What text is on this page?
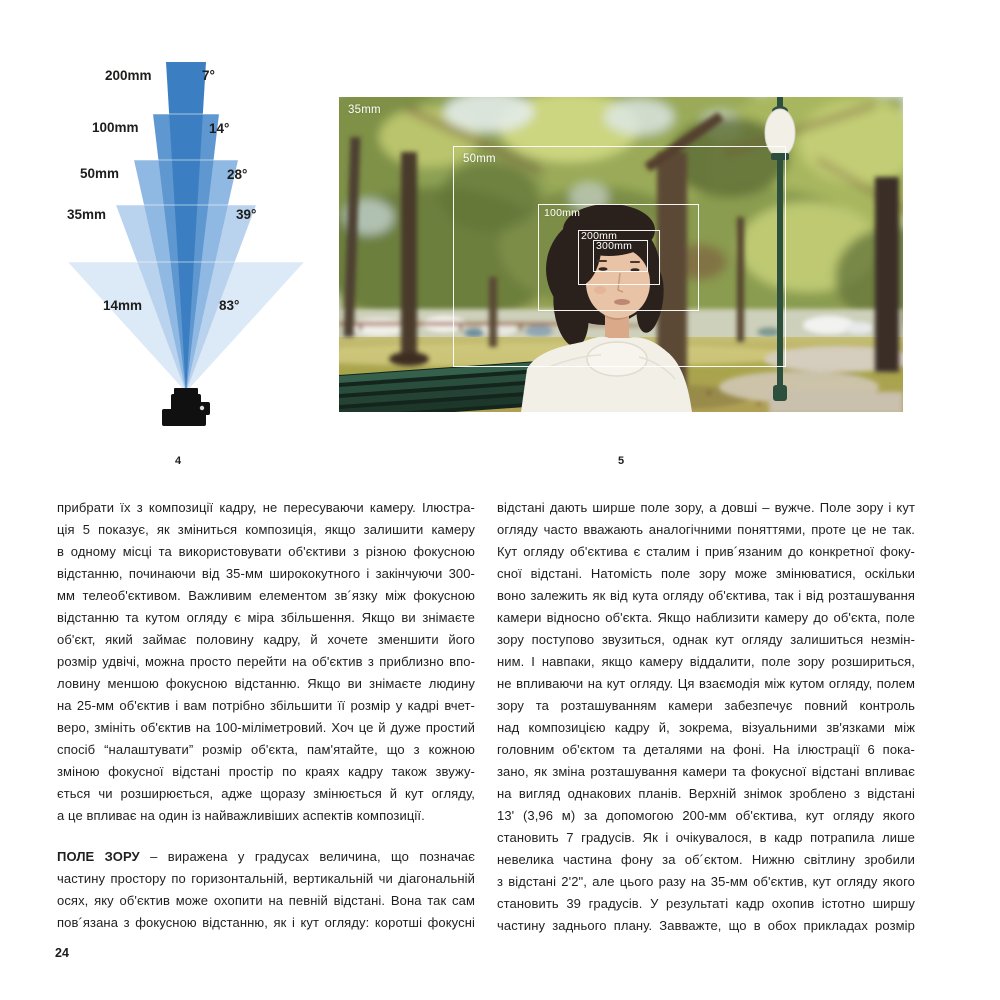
200mm	7°
100mm	14°
50mm	28°
35mm	39°
14mm	83°
4	5
35mm
50mm
100mm
200mm
300mm
прибрати їх з композиції кадру, не пересуваючи камеру. Ілюстра-
ція 5 показує, як зміниться композиція, якщо залишити камеру
в одному місці та використовувати об'єктиви з різною фокусною
відстанню, починаючи від 35-мм ширококутного і закінчуючи 300-
мм телеоб'єктивом. Важливим елементом зв´язку між фокусною
відстанню та кутом огляду є міра збільшення. Якщо ви знімаєте
об'єкт, який займає половину кадру, й хочете зменшити його
розмір удвічі, можна просто перейти на об'єктив з приблизно впо-
ловину меншою фокусною відстанню. Якщо ви знімаєте людину
на 25-мм об'єктив і вам потрібно збільшити її розмір у кадрі вчет-
веро, змініть об'єктив на 100-міліметровий. Хоч це й дуже простий
спосіб “налаштувати” розмір об'єкта, пам'ятайте, що з кожною
зміною фокусної відстані простір по краях кадру також звужу-
ється чи розширюється, адже щоразу змінюється й кут огляду,
а це впливає на один із найважливіших аспектів композиції.
ПОЛЕ ЗОРУ – виражена у градусах величина, що позначає
частину простору по горизонтальній, вертикальній чи діагональній
осях, яку об'єктив може охопити на певній відстані. Вона так сам
пов´язана з фокусною відстанню, як і кут огляду: коротші фокусні
відстані дають ширше поле зору, а довші – вужче. Поле зору і кут
огляду часто вважають аналогічними поняттями, проте це не так.
Кут огляду об'єктива є сталим і прив´язаним до конкретної фоку-
сної відстані. Натомість поле зору може змінюватися, оскільки
воно залежить як від кута огляду об'єктива, так і від розташування
камери відносно об'єкта. Якщо наблизити камеру до об'єкта, поле
зору поступово звузиться, однак кут огляду залишиться незмін-
ним. І навпаки, якщо камеру віддалити, поле зору розшириться,
не впливаючи на кут огляду. Ця взаємодія між кутом огляду, полем
зору та розташуванням камери забезпечує повний контроль
над композицією кадру й, зокрема, візуальними зв'язками між
головним об'єктом та деталями на фоні. На ілюстрації 6 пока-
зано, як зміна розташування камери та фокусної відстані впливає
на вигляд однакових планів. Верхній знімок зроблено з відстані
13' (3,96 м) за допомогою 200-мм об'єктива, кут огляду якого
становить 7 градусів. Як і очікувалося, в кадр потрапила лише
невелика частина фону за об´єктом. Нижню світлину зробили
з відстані 2'2", але цього разу на 35-мм об'єктив, кут огляду якого
становить 39 градусів. У результаті кадр охопив істотно ширшу
частину заднього плану. Завважте, що в обох прикладах розмір
24
